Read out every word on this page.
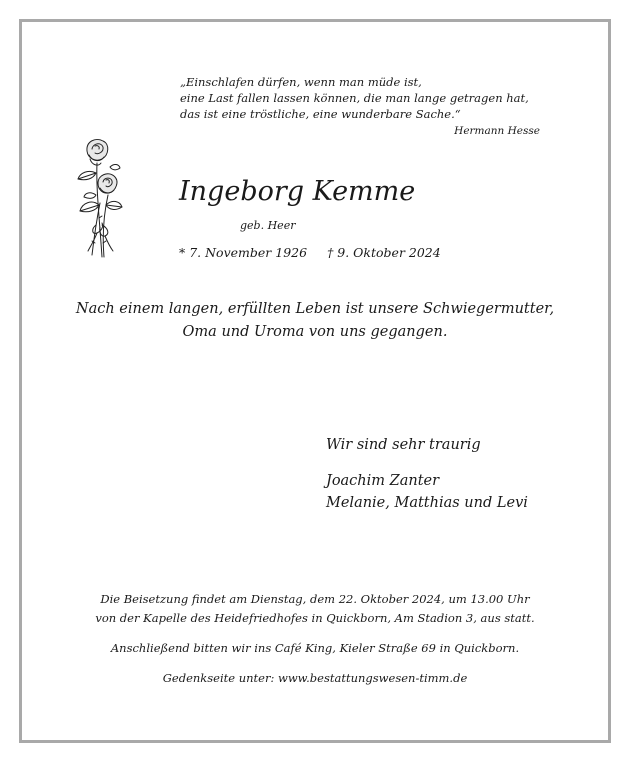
„Einschlafen dürfen, wenn man müde ist,
eine Last fallen lassen können, die man lange getragen hat,
das ist eine tröstliche, eine wunderbare Sache.“
Hermann Hesse
Ingeborg Kemme
geb. Heer
* 7. November 1926 † 9. Oktober 2024
Nach einem langen, erfüllten Leben ist unsere Schwiegermutter,
Oma und Uroma von uns gegangen.
Wir sind sehr traurig
Joachim Zanter
Melanie, Matthias und Levi
Die Beisetzung findet am Dienstag, dem 22. Oktober 2024, um 13.00 Uhr
von der Kapelle des Heidefriedhofes in Quickborn, Am Stadion 3, aus statt.
Anschließend bitten wir ins Café King, Kieler Straße 69 in Quickborn.
Gedenkseite unter: www.bestattungswesen-timm.de
